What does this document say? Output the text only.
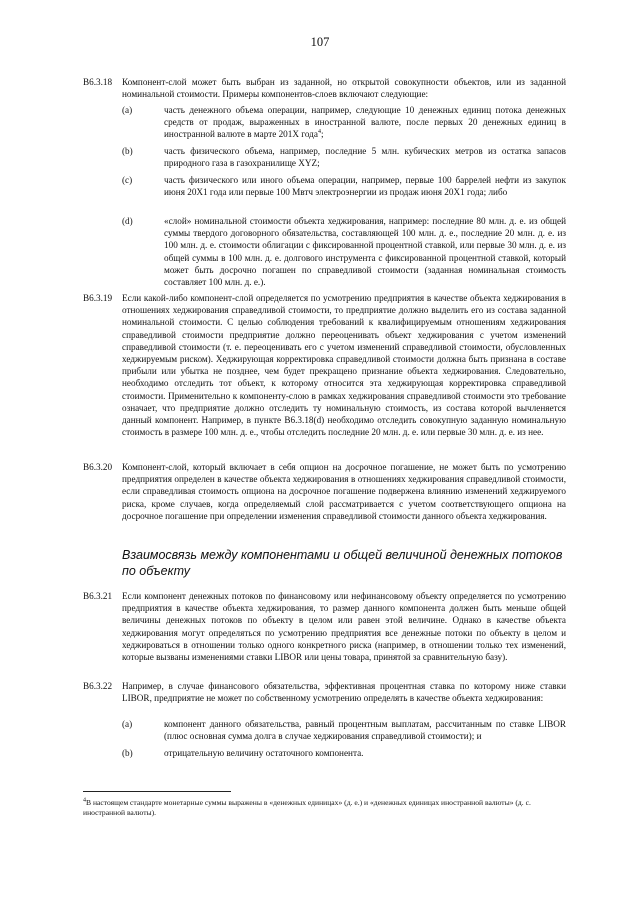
107
B6.3.18	Компонент-слой может быть выбран из заданной, но открытой совокупности объектов, или из заданной номинальной стоимости. Примеры компонентов-слоев включают следующие:
(a)	часть денежного объема операции, например, следующие 10 денежных единиц потока денежных средств от продаж, выраженных в иностранной валюте, после первых 20 денежных единиц в иностранной валюте в марте 201X года$^4$;
(b)	часть физического объема, например, последние 5 млн. кубических метров из остатка запасов природного газа в газохранилище XYZ;
(c)	часть физического или иного объема операции, например, первые 100 баррелей нефти из закупок июня 20X1 года или первые 100 Мвтч электроэнергии из продаж июня 20X1 года; либо
(d)	«слой» номинальной стоимости объекта хеджирования, например: последние 80 млн. д. е. из общей суммы твердого договорного обязательства, составляющей 100 млн. д. е., последние 20 млн. д. е. из 100 млн. д. е. стоимости облигации с фиксированной процентной ставкой, или первые 30 млн. д. е. из общей суммы в 100 млн. д. е. долгового инструмента с фиксированной процентной ставкой, который может быть досрочно погашен по справедливой стоимости (заданная номинальная стоимость составляет 100 млн. д. е.).
B6.3.19	Если какой-либо компонент-слой определяется по усмотрению предприятия в качестве объекта хеджирования в отношениях хеджирования справедливой стоимости, то предприятие должно выделить его из состава заданной номинальной стоимости. С целью соблюдения требований к квалифицируемым отношениям хеджирования справедливой стоимости предприятие должно переоценивать объект хеджирования с учетом изменений справедливой стоимости (т. е. переоценивать его с учетом изменений справедливой стоимости, обусловленных хеджируемым риском). Хеджирующая корректировка справедливой стоимости должна быть признана в составе прибыли или убытка не позднее, чем будет прекращено признание объекта хеджирования. Следовательно, необходимо отследить тот объект, к которому относится эта хеджирующая корректировка справедливой стоимости. Применительно к компоненту-слою в рамках хеджирования справедливой стоимости это требование означает, что предприятие должно отследить ту номинальную стоимость, из состава которой вычленяется данный компонент. Например, в пункте B6.3.18(d) необходимо отследить совокупную заданную номинальную стоимость в размере 100 млн. д. е., чтобы отследить последние 20 млн. д. е. или первые 30 млн. д. е. из нее.
B6.3.20	Компонент-слой, который включает в себя опцион на досрочное погашение, не может быть по усмотрению предприятия определен в качестве объекта хеджирования в отношениях хеджирования справедливой стоимости, если справедливая стоимость опциона на досрочное погашение подвержена влиянию изменений хеджируемого риска, кроме случаев, когда определяемый слой рассматривается с учетом соответствующего опциона на досрочное погашение при определении изменения справедливой стоимости данного объекта хеджирования.
Взаимосвязь между компонентами и общей величиной денежных потоков по объекту
B6.3.21	Если компонент денежных потоков по финансовому или нефинансовому объекту определяется по усмотрению предприятия в качестве объекта хеджирования, то размер данного компонента должен быть меньше общей величины денежных потоков по объекту в целом или равен этой величине. Однако в качестве объекта хеджирования могут определяться по усмотрению предприятия все денежные потоки по объекту в целом и хеджироваться в отношении только одного конкретного риска (например, в отношении только тех изменений, которые вызваны изменениями ставки LIBOR или цены товара, принятой за сравнительную базу).
B6.3.22	Например, в случае финансового обязательства, эффективная процентная ставка по которому ниже ставки LIBOR, предприятие не может по собственному усмотрению определять в качестве объекта хеджирования:
(a)	компонент данного обязательства, равный процентным выплатам, рассчитанным по ставке LIBOR (плюс основная сумма долга в случае хеджирования справедливой стоимости); и
(b)	отрицательную величину остаточного компонента.
$^4$В настоящем стандарте монетарные суммы выражены в «денежных единицах» (д. е.) и «денежных единицах иностранной валюты» (д. с. иностранной валюты).
